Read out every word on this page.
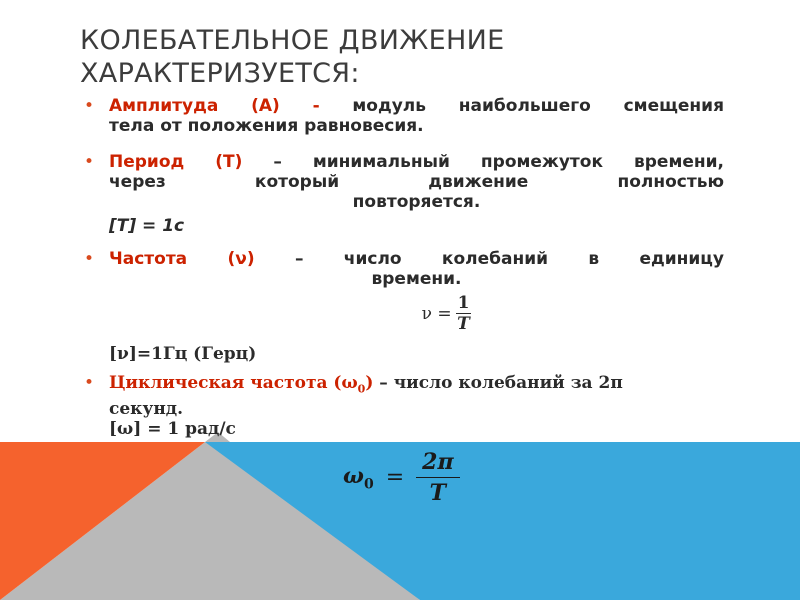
КОЛЕБАТЕЛЬНОЕ ДВИЖЕНИЕ ХАРАКТЕРИЗУЕТСЯ:
• Амплитуда (А) - модуль наибольшего смещения
тела от положения равновесия.
• Период (Т) – минимальный промежуток времени,
через который движение полностью
повторяется.
[Т] = 1с
• Частота (ν) – число колебаний в единицу
времени.
$\nu = \frac{1}{T}$
[ν]=1Гц (Герц)
• Циклическая частота $(\omega_0)$ – число колебаний за 2π
секунд.
[ω] = 1 рад/с
$\omega_0 = \frac{2\pi}{T}$
